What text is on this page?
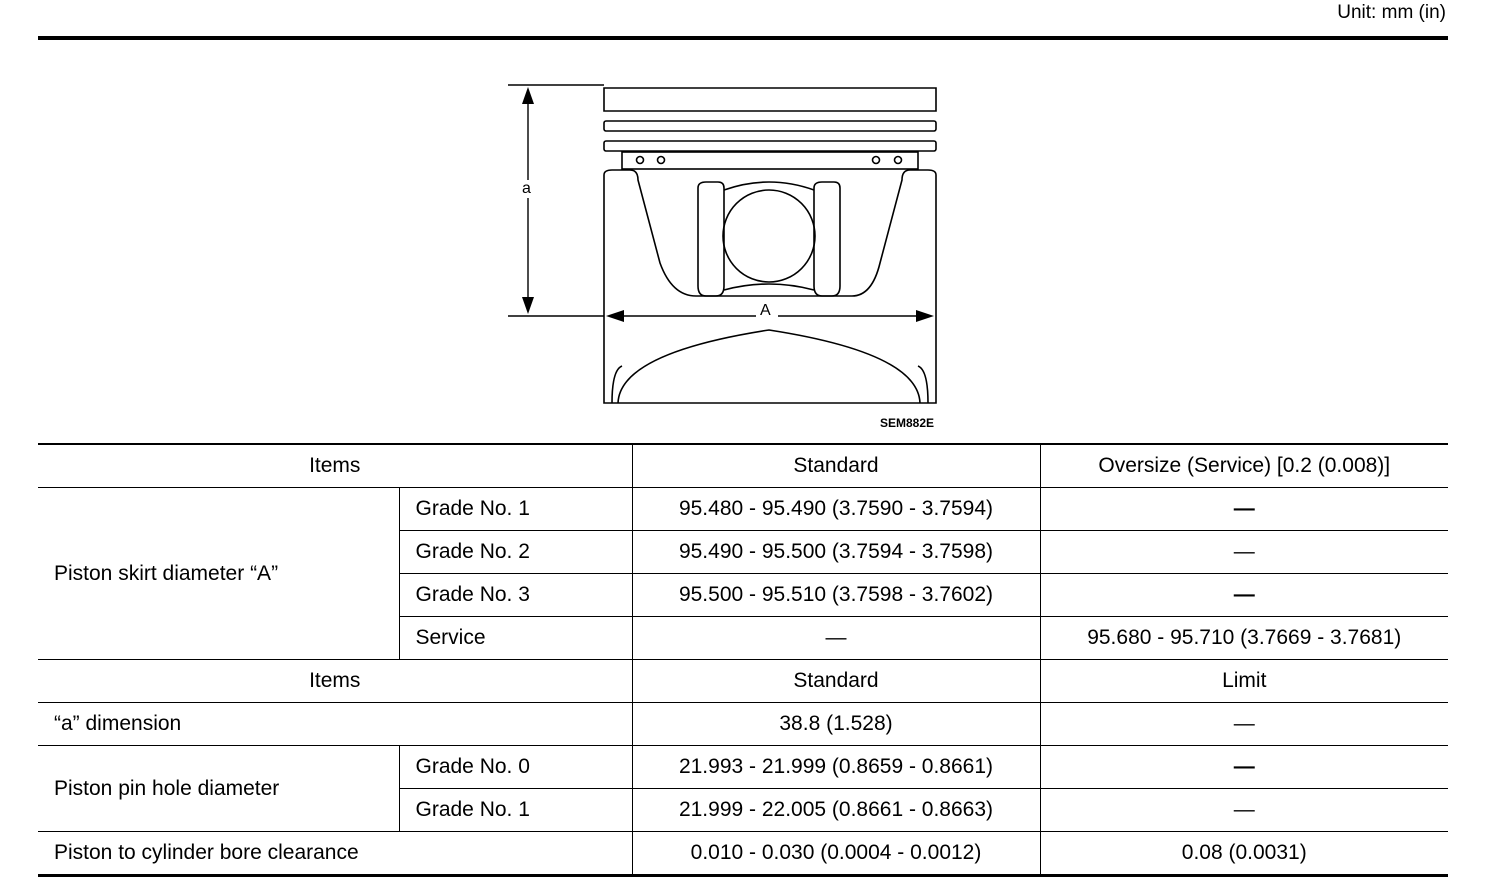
Unit: mm (in)
a
A
SEM882E
Items		Standard	Oversize (Service) [0.2 (0.008)]
Piston skirt diameter “A”	Grade No. 1	95.480 - 95.490 (3.7590 - 3.7594)	—
	Grade No. 2	95.490 - 95.500 (3.7594 - 3.7598)	—
	Grade No. 3	95.500 - 95.510 (3.7598 - 3.7602)	—
	Service	—	95.680 - 95.710 (3.7669 - 3.7681)
Items		Standard	Limit
“a” dimension		38.8 (1.528)	—
Piston pin hole diameter	Grade No. 0	21.993 - 21.999 (0.8659 - 0.8661)	—
	Grade No. 1	21.999 - 22.005 (0.8661 - 0.8663)	—
Piston to cylinder bore clearance		0.010 - 0.030 (0.0004 - 0.0012)	0.08 (0.0031)
